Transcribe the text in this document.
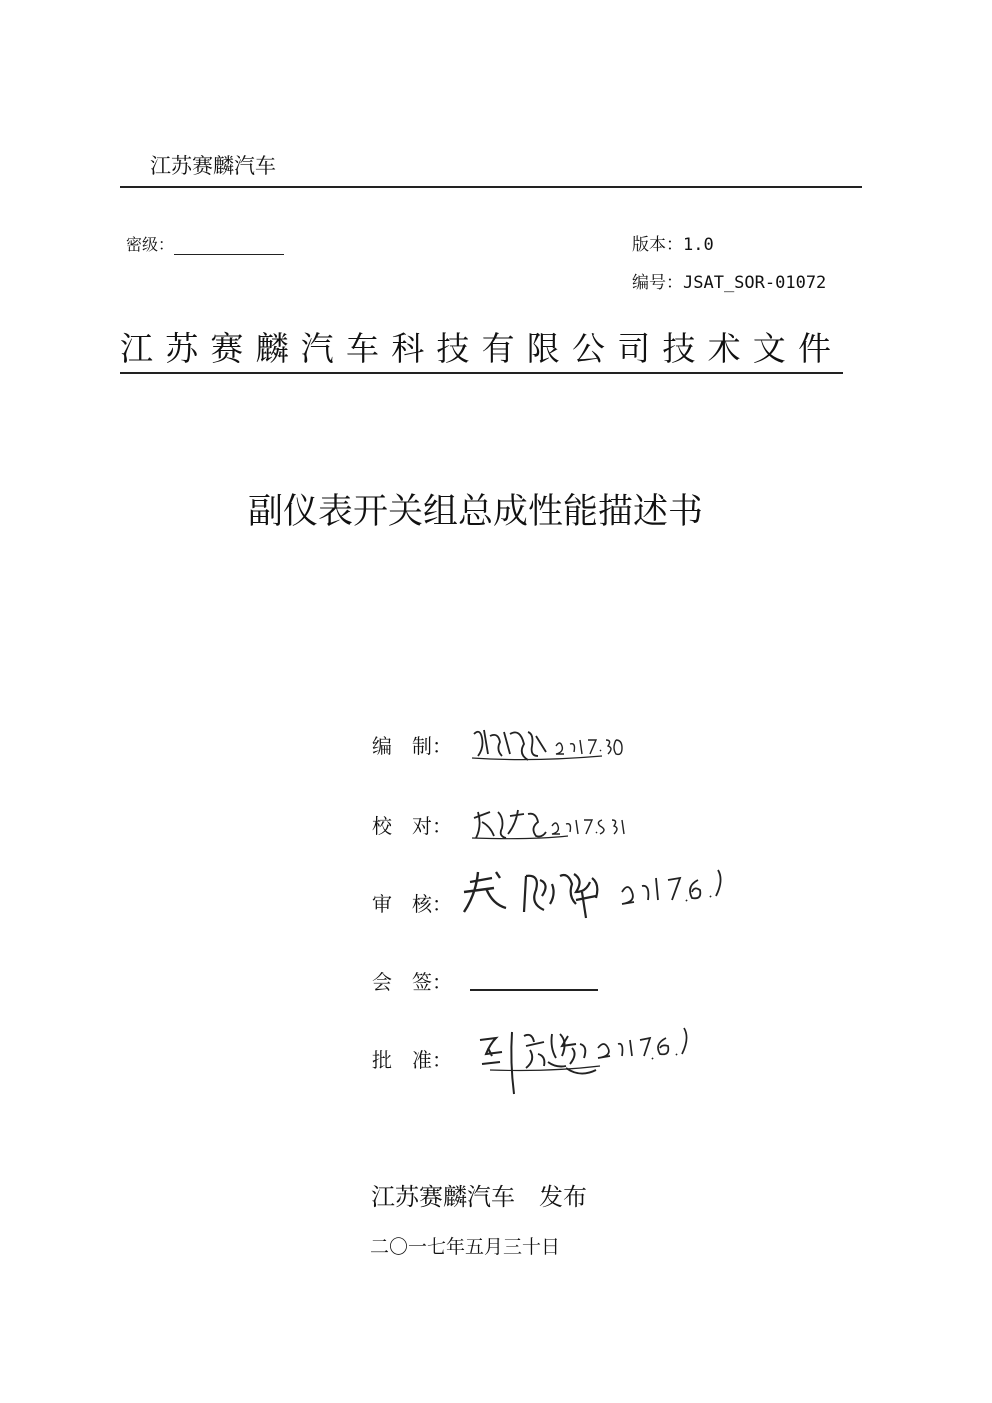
江苏赛麟汽车
密级：	版本：1.0
编号：JSAT_SOR-01072
江苏赛麟汽车科技有限公司技术文件
副仪表开关组总成性能描述书
编　制：
校　对：
审　核：
会　签：
批　准：
江苏赛麟汽车　发布
二〇一七年五月三十日
